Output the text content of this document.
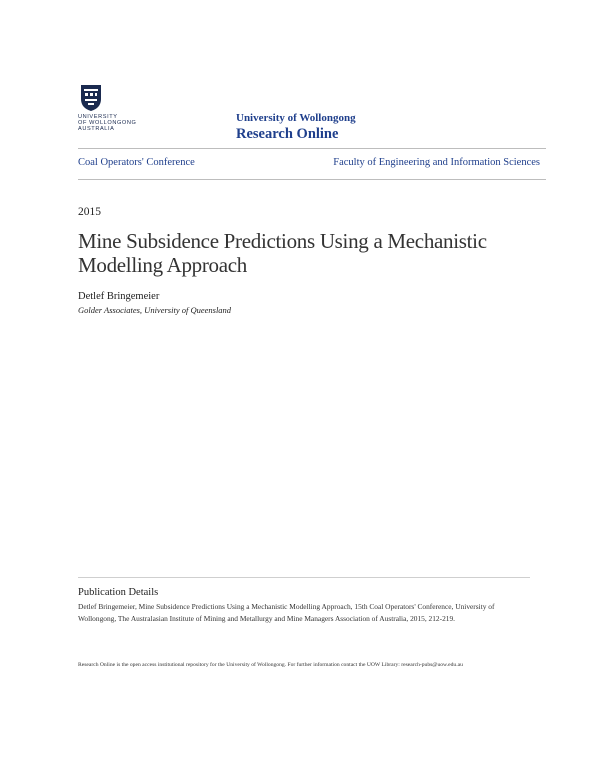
UNIVERSITY
OF WOLLONGONG
AUSTRALIA
University of Wollongong
Research Online
Coal Operators' Conference	Faculty of Engineering and Information Sciences
2015
Mine Subsidence Predictions Using a Mechanistic Modelling Approach
Detlef Bringemeier
Golder Associates, University of Queensland
Publication Details
Detlef Bringemeier, Mine Subsidence Predictions Using a Mechanistic Modelling Approach, 15th Coal Operators' Conference, University of Wollongong, The Australasian Institute of Mining and Metallurgy and Mine Managers Association of Australia, 2015, 212-219.
Research Online is the open access institutional repository for the University of Wollongong. For further information contact the UOW Library: research-pubs@uow.edu.au
